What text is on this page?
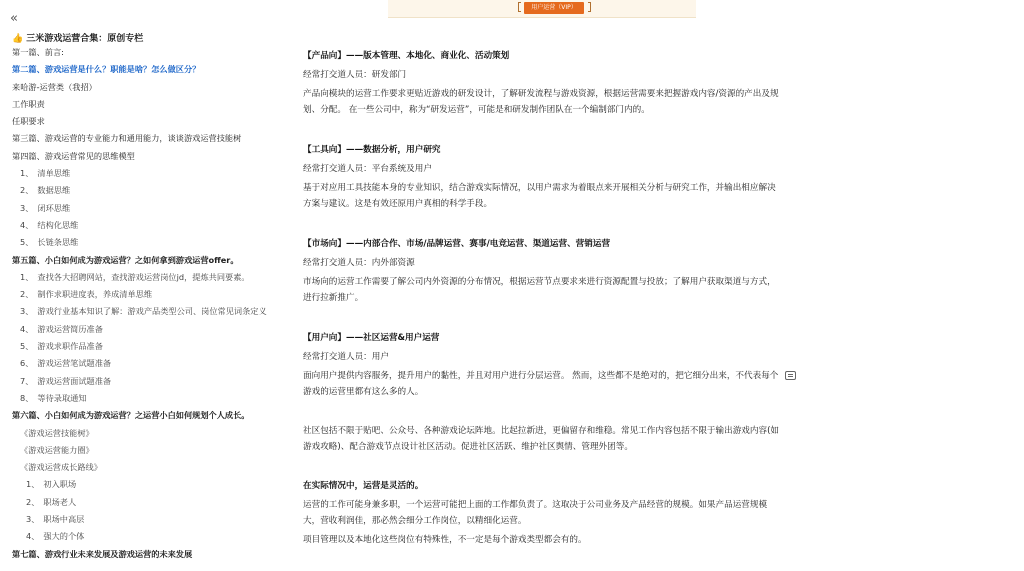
«
👍 三米游戏运营合集：原创专栏
第一篇、前言:
第二篇、游戏运营是什么？职能是啥？怎么做区分？
来哈游-运营类（我招）
工作职责
任职要求
第三篇、游戏运营的专业能力和通用能力，谈谈游戏运营技能树
第四篇、游戏运营常见的思维模型
1、 清单思维
2、 数据思维
3、 闭环思维
4、 结构化思维
5、 长链条思维
第五篇、小白如何成为游戏运营？之如何拿到游戏运营offer。
1、 查找各大招聘网站，查找游戏运营岗位jd，提炼共同要素。
2、 制作求职进度表，养成清单思维
3、 游戏行业基本知识了解：游戏产品类型公司、岗位常见词条定义
4、 游戏运营简历准备
5、 游戏求职作品准备
6、 游戏运营笔试题准备
7、 游戏运营面试题准备
8、 等待录取通知
第六篇、小白如何成为游戏运营？之运营小白如何规划个人成长。
《游戏运营技能树》
《游戏运营能力圈》
《游戏运营成长路线》
1、 初入职场
2、 职场老人
3、 职场中高层
4、 强大的个体
第七篇、游戏行业未来发展及游戏运营的未来发展
用户运营（VIP）

【产品向】——版本管理、本地化、商业化、活动策划

经常打交道人员：研发部门

产品向模块的运营工作要求更贴近游戏的研发设计，了解研发流程与游戏资源，根据运营需要来把握游戏内容/资源的产出及规划、分配。 在一些公司中，称为“研发运营”，可能是和研发制作团队在一个编制部门内的。

【工具向】——数据分析，用户研究

经常打交道人员：平台系统及用户

基于对应用工具技能本身的专业知识，结合游戏实际情况，以用户需求为着眼点来开展相关分析与研究工作，并输出相应解决方案与建议。这是有效还原用户真相的科学手段。

【市场向】——内部合作、市场/品牌运营、赛事/电竞运营、渠道运营、营销运营

经常打交道人员：内外部资源

市场向的运营工作需要了解公司内外资源的分布情况，根据运营节点要求来进行资源配置与投放；了解用户获取渠道与方式，进行拉新推广。

【用户向】——社区运营&用户运营

经常打交道人员：用户

面向用户提供内容服务，提升用户的黏性，并且对用户进行分层运营。 然而，这些都不是绝对的，把它细分出来，不代表每个游戏的运营里都有这么多的人。

社区包括不限于贴吧、公众号、各种游戏论坛阵地。比起拉新进，更偏留存和维稳。常见工作内容包括不限于输出游戏内容(如游戏攻略)、配合游戏节点设计社区活动。促进社区活跃、维护社区舆情、管理外团等。

在实际情况中，运营是灵活的。

运营的工作可能身兼多职，一个运营可能把上面的工作都负责了。这取决于公司业务及产品经营的规模。如果产品运营规模大，营收利润佳，那必然会细分工作岗位，以精细化运营。

项目管理以及本地化这些岗位有特殊性，不一定是每个游戏类型都会有的。
